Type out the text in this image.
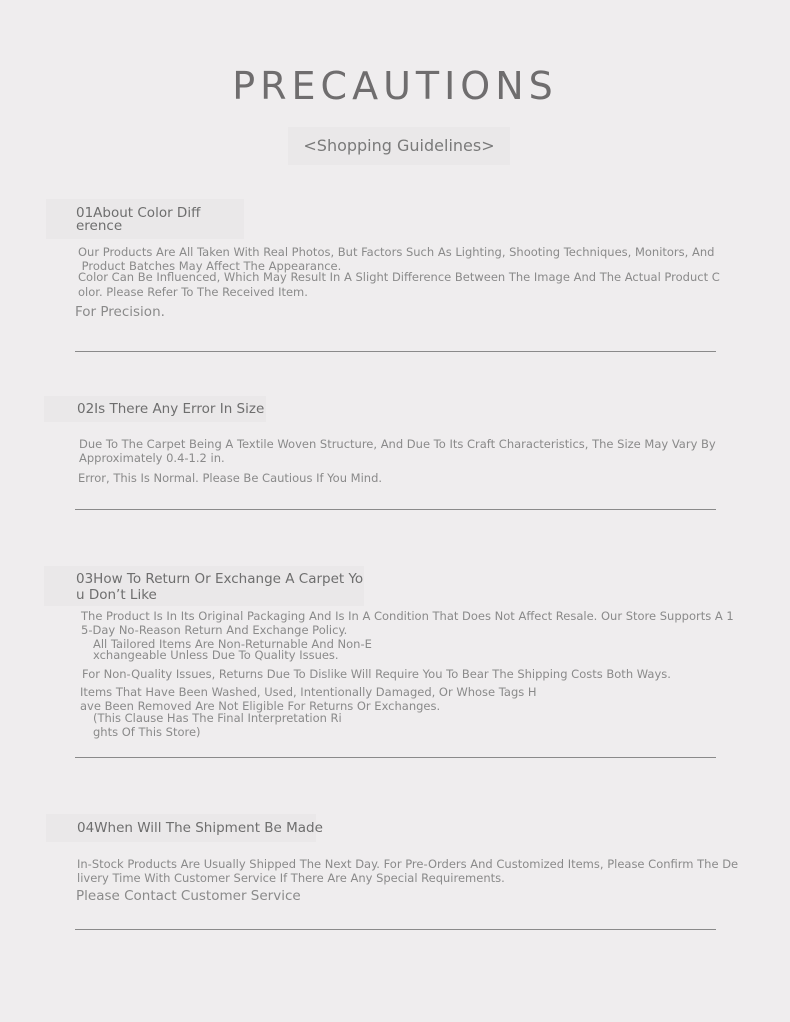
PRECAUTIONS
<Shopping Guidelines>
01About Color Diff
erence
Our Products Are All Taken With Real Photos, But Factors Such As Lighting, Shooting Techniques, Monitors, And
Product Batches May Affect The Appearance.
Color Can Be Influenced, Which May Result In A Slight Difference Between The Image And The Actual Product C
olor. Please Refer To The Received Item.
For Precision.
02Is There Any Error In Size
Due To The Carpet Being A Textile Woven Structure, And Due To Its Craft Characteristics, The Size May Vary By
Approximately 0.4-1.2 in.
Error, This Is Normal. Please Be Cautious If You Mind.
03How To Return Or Exchange A Carpet Yo
u Don’t Like
The Product Is In Its Original Packaging And Is In A Condition That Does Not Affect Resale. Our Store Supports A 1
5-Day No-Reason Return And Exchange Policy.
All Tailored Items Are Non-Returnable And Non-E
xchangeable Unless Due To Quality Issues.
For Non-Quality Issues, Returns Due To Dislike Will Require You To Bear The Shipping Costs Both Ways.
Items That Have Been Washed, Used, Intentionally Damaged, Or Whose Tags H
ave Been Removed Are Not Eligible For Returns Or Exchanges.
(This Clause Has The Final Interpretation Ri
ghts Of This Store)
04When Will The Shipment Be Made
In-Stock Products Are Usually Shipped The Next Day. For Pre-Orders And Customized Items, Please Confirm The De
livery Time With Customer Service If There Are Any Special Requirements.
Please Contact Customer Service
